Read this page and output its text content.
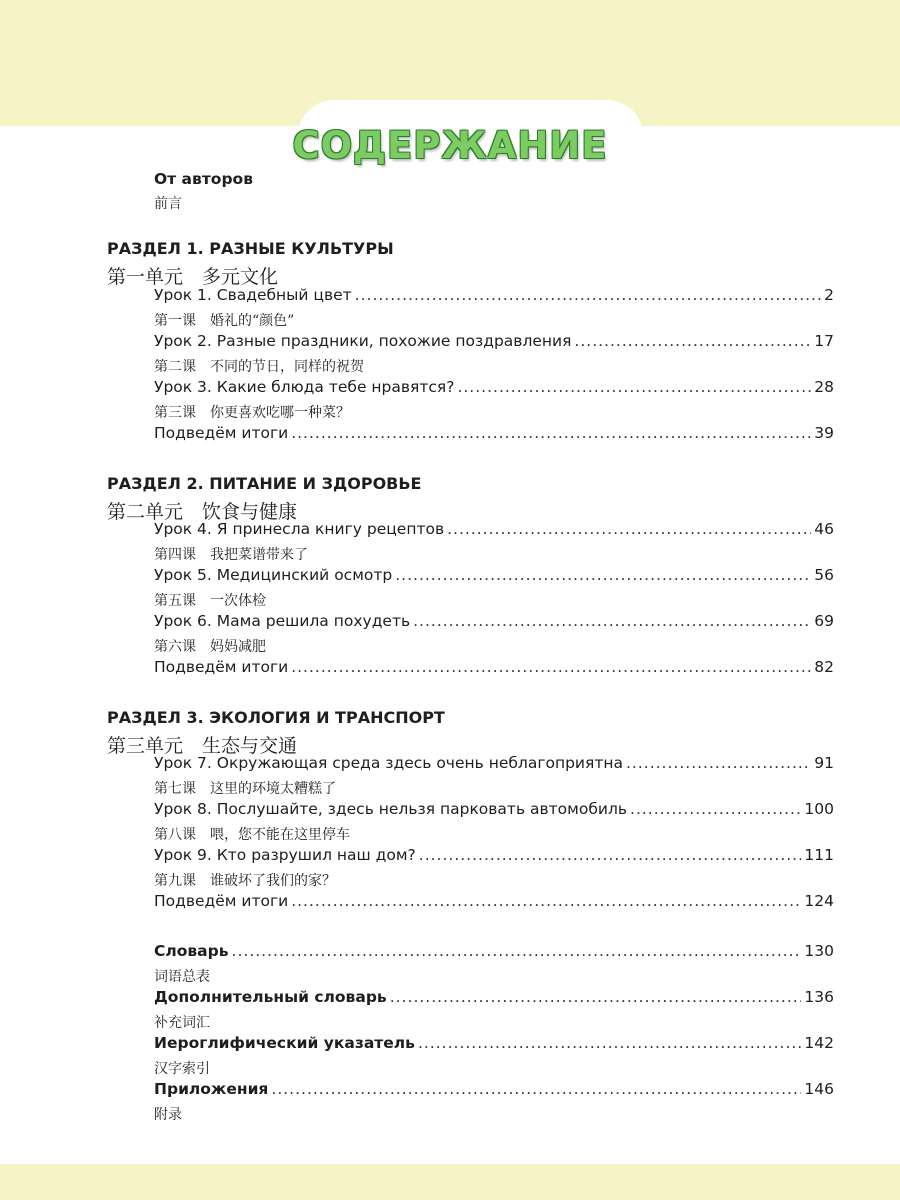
СОДЕРЖАНИЕ
От авторов
前言
РАЗДЕЛ 1. РАЗНЫЕ КУЛЬТУРЫ
第一单元　多元文化
Урок 1. Свадебный цвет .....	2
第一课　婚礼的“颜色”
Урок 2. Разные праздники, похожие поздравления .....	17
第二课　不同的节日，同样的祝贺
Урок 3. Какие блюда тебе нравятся? .....	28
第三课　你更喜欢吃哪一种菜？
Подведём итоги .....	39
РАЗДЕЛ 2. ПИТАНИЕ И ЗДОРОВЬЕ
第二单元　饮食与健康
Урок 4. Я принесла книгу рецептов .....	46
第四课　我把菜谱带来了
Урок 5. Медицинский осмотр .....	56
第五课　一次体检
Урок 6. Мама решила похудеть .....	69
第六课　妈妈减肥
Подведём итоги .....	82
РАЗДЕЛ 3. ЭКОЛОГИЯ И ТРАНСПОРТ
第三单元　生态与交通
Урок 7. Окружающая среда здесь очень неблагоприятна .....	91
第七课　这里的环境太糟糕了
Урок 8. Послушайте, здесь нельзя парковать автомобиль .....	100
第八课　喂，您不能在这里停车
Урок 9. Кто разрушил наш дом? .....	111
第九课　谁破坏了我们的家？
Подведём итоги .....	124
Словарь .....	130
词语总表
Дополнительный словарь .....	136
补充词汇
Иероглифический указатель .....	142
汉字索引
Приложения .....	146
附录
